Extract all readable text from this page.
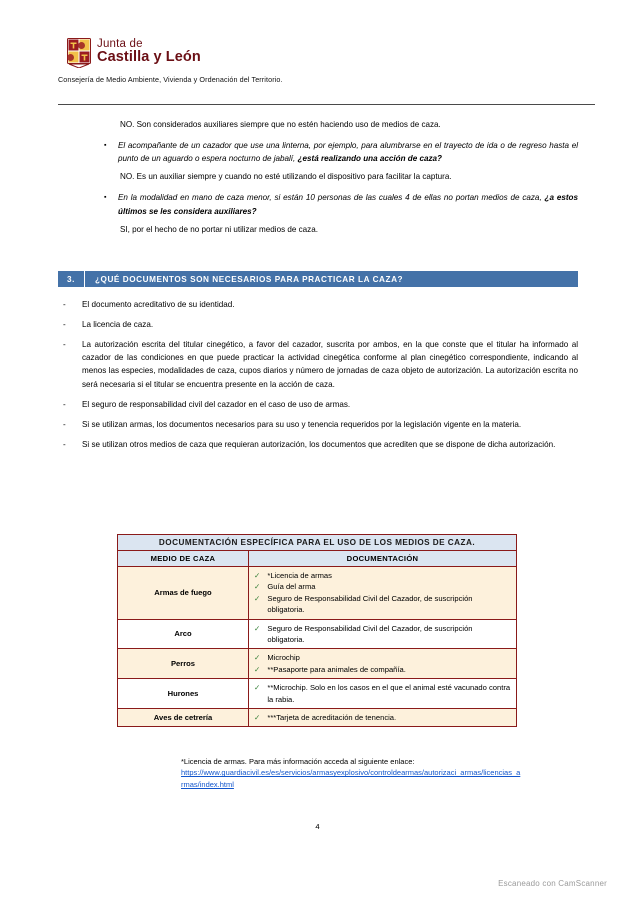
Junta de
Castilla y León
Consejería de Medio Ambiente, Vivienda y Ordenación del Territorio.

NO. Son considerados auxiliares siempre que no estén haciendo uso de medios de caza.

▪
El acompañante de un cazador que use una linterna, por ejemplo, para alumbrarse en el trayecto de ida o de regreso hasta el punto de un aguardo o espera nocturno de jabalí, ¿está realizando una acción de caza?

NO. Es un auxiliar siempre y cuando no esté utilizando el dispositivo para facilitar la captura.

▪
En la modalidad en mano de caza menor, si están 10 personas de las cuales 4 de ellas no portan medios de caza, ¿a estos últimos se les considera auxiliares?

SI, por el hecho de no portar ni utilizar medios de caza.

3.	¿QUÉ DOCUMENTOS SON NECESARIOS PARA PRACTICAR LA CAZA?
-	El documento acreditativo de su identidad.
-	La licencia de caza.
-	La autorización escrita del titular cinegético, a favor del cazador, suscrita por ambos, en la que conste que el titular ha informado al cazador de las condiciones en que puede practicar la actividad cinegética conforme al plan cinegético correspondiente, indicando al menos las especies, modalidades de caza, cupos diarios y número de jornadas de caza objeto de autorización. La autorización escrita no será necesaria si el titular se encuentra presente en la acción de caza.
-	El seguro de responsabilidad civil del cazador en el caso de uso de armas.
-	Si se utilizan armas, los documentos necesarios para su uso y tenencia requeridos por la legislación vigente en la materia.
-	Si se utilizan otros medios de caza que requieran autorización, los documentos que acrediten que se dispone de dicha autorización.
DOCUMENTACIÓN ESPECÍFICA PARA EL USO DE LOS MEDIOS DE CAZA.	
MEDIO DE CAZA	DOCUMENTACIÓN
Armas de fuego	
✓ *Licencia de armas
✓ Guía del arma
✓ Seguro de Responsabilidad Civil del Cazador, de suscripción obligatoria.

Arco	
✓ Seguro de Responsabilidad Civil del Cazador, de suscripción obligatoria.

Perros	
✓ Microchip
✓ **Pasaporte para animales de compañía.

Hurones	
✓ **Microchip. Solo en los casos en el que el animal esté vacunado contra la rabia.

Aves de cetrería	✓ ***Tarjeta de acreditación de tenencia.
*Licencia de armas. Para más información acceda al siguiente enlace:
https://www.guardiacivil.es/es/servicios/armasyexplosivo/controldearmas/autorizaci_armas/licencias_armas/index.html
4
Escaneado con CamScanner
